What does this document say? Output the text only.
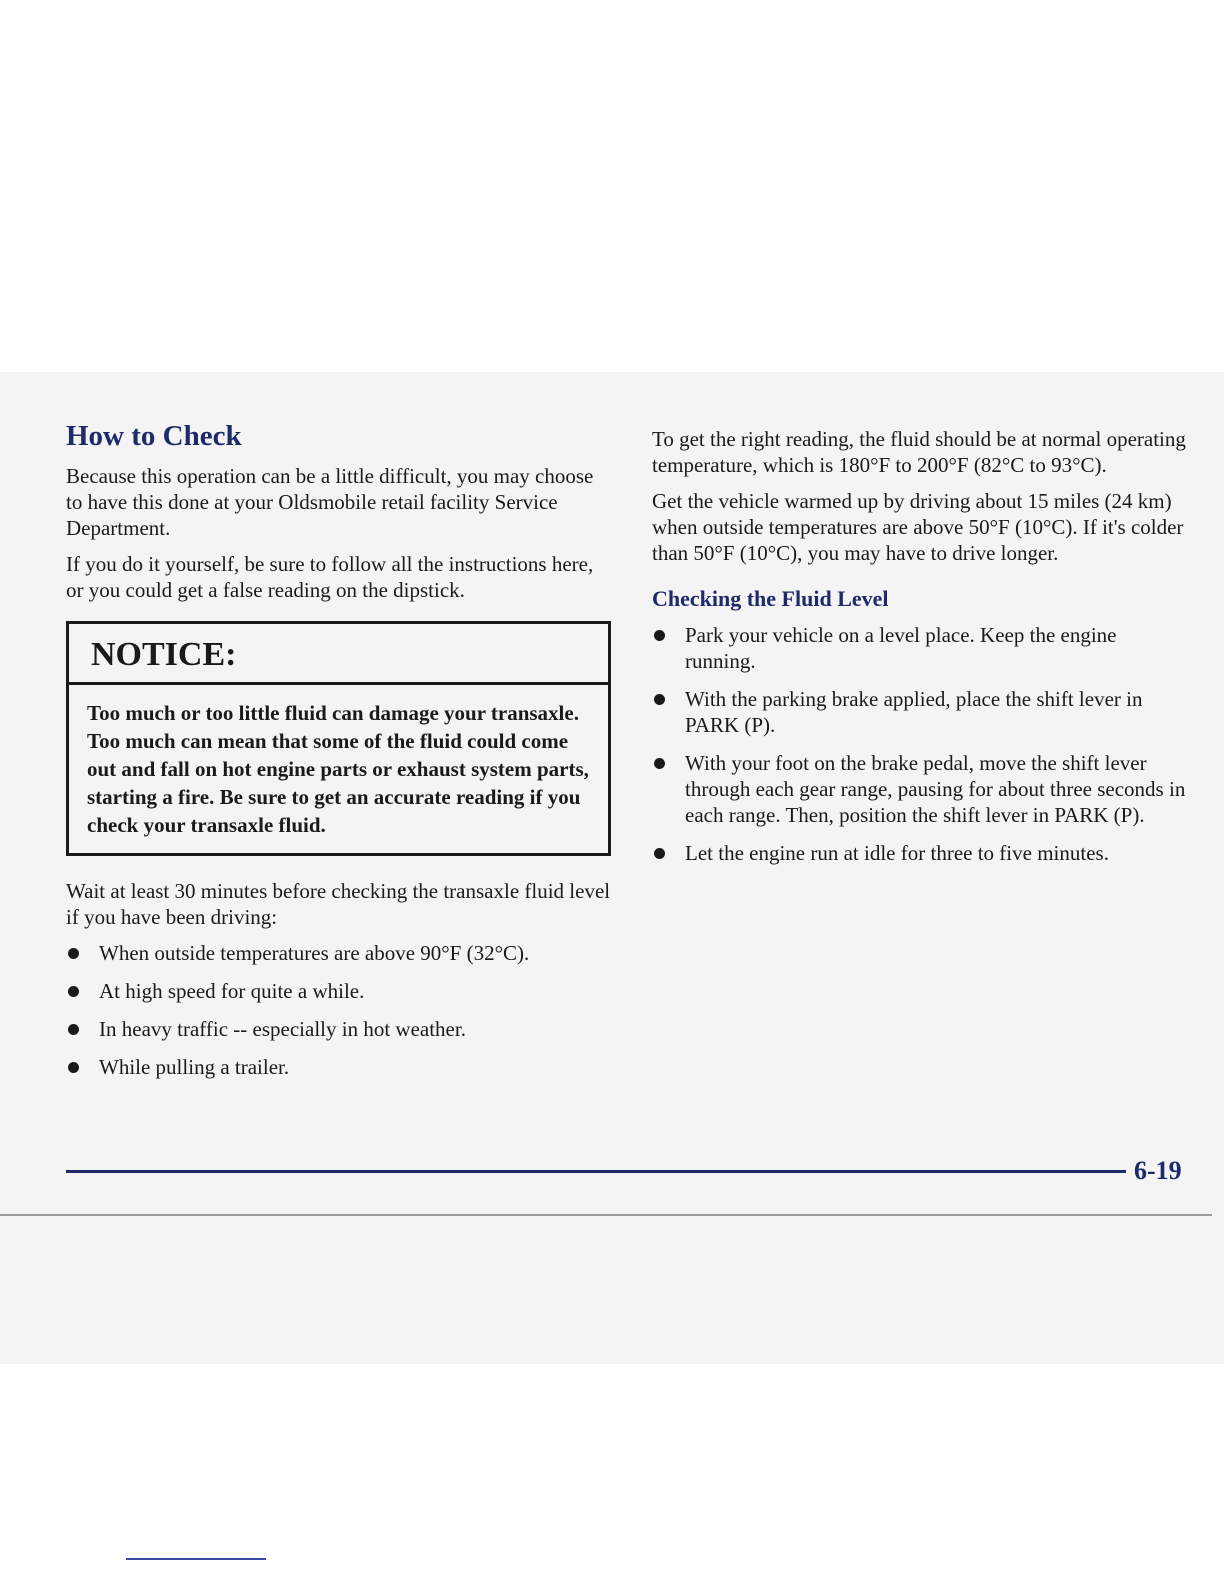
How to Check

Because this operation can be a little difficult, you may choose to have this done at your Oldsmobile retail facility Service Department.

If you do it yourself, be sure to follow all the instructions here, or you could get a false reading on the dipstick.

NOTICE:
Too much or too little fluid can damage your transaxle. Too much can mean that some of the fluid could come out and fall on hot engine parts or exhaust system parts, starting a fire. Be sure to get an accurate reading if you check your transaxle fluid.

Wait at least 30 minutes before checking the transaxle fluid level if you have been driving:

When outside temperatures are above 90°F (32°C).
At high speed for quite a while.
In heavy traffic -- especially in hot weather.
While pulling a trailer.

To get the right reading, the fluid should be at normal operating temperature, which is 180°F to 200°F (82°C to 93°C).

Get the vehicle warmed up by driving about 15 miles (24 km) when outside temperatures are above 50°F (10°C). If it's colder than 50°F (10°C), you may have to drive longer.

Checking the Fluid Level
Park your vehicle on a level place. Keep the engine running.
With the parking brake applied, place the shift lever in PARK (P).
With your foot on the brake pedal, move the shift lever through each gear range, pausing for about three seconds in each range. Then, position the shift lever in PARK (P).
Let the engine run at idle for three to five minutes.
6-19
